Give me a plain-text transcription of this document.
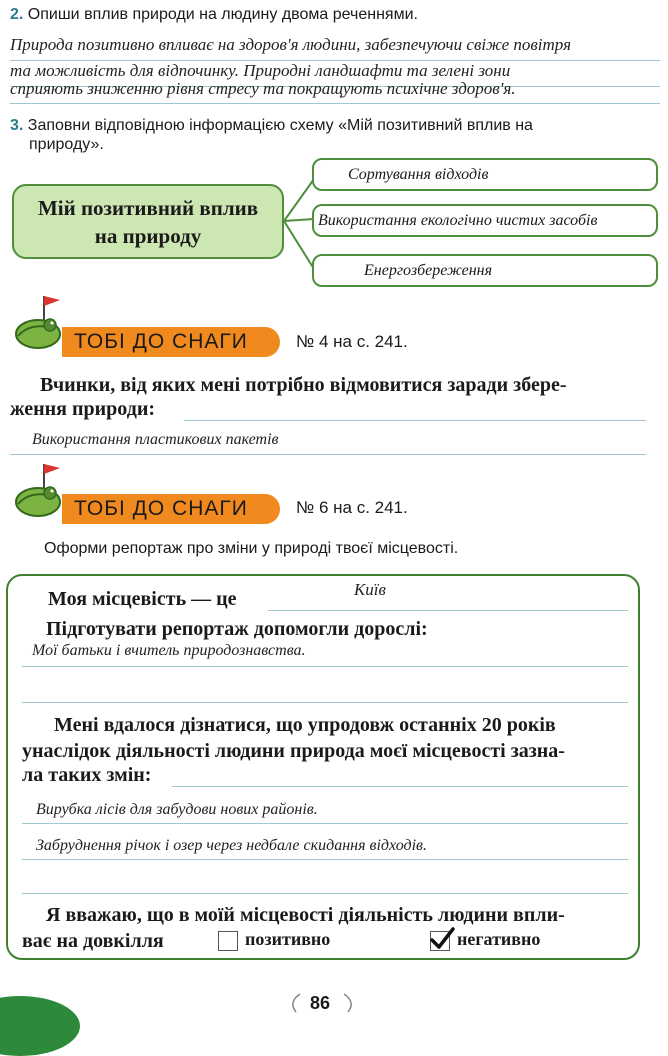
2. Опиши вплив природи на людину двома реченнями.
Природа позитивно впливає на здоров'я людини, забезпечуючи свіже повітря
та можливість для відпочинку. Природні ландшафти та зелені зони
сприяють зниженню рівня стресу та покращують психічне здоров'я.
3. Заповни відповідною інформацією схему «Мій позитивний вплив на
природу».
Мій позитивний вплив
на природу
Сортування відходів
Використання екологічно чистих засобів
Енергозбереження
ТОБІ ДО СНАГИ	№ 4 на с. 241.
Вчинки, від яких мені потрібно відмовитися заради збере-
ження природи:
Використання пластикових пакетів
ТОБІ ДО СНАГИ	№ 6 на с. 241.
Оформи репортаж про зміни у природі твоєї місцевості.
Моя місцевість — це	Київ
Підготувати репортаж допомогли дорослі:
Мої батьки і вчитель природознавства.
Мені вдалося дізнатися, що упродовж останніх 20 років
унаслідок діяльності людини природа моєї місцевості зазна-
ла таких змін:
Вирубка лісів для забудови нових районів.
Забруднення річок і озер через недбале скидання відходів.
Я вважаю, що в моїй місцевості діяльність людини впли-
ває на довкілля	позитивно	негативно
86
